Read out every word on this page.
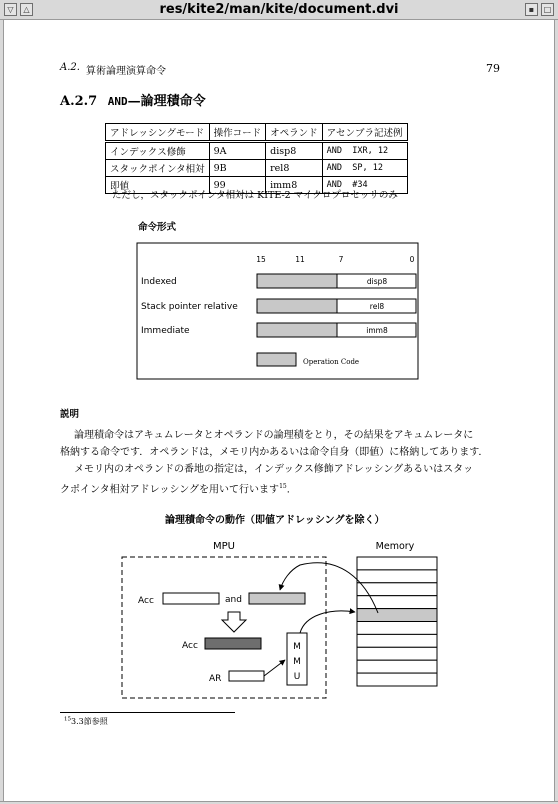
▽	△	res/kite2/man/kite/document.dvi	▪	□
A.2. 算術論理演算命令	79
A.2.7 AND—論理積命令
アドレッシングモード	操作コード	オペランド	アセンブラ記述例
インデックス修飾	9A	disp8	AND  IXR, 12
スタックポインタ相対	9B	rel8	AND  SP, 12
即値	99	imm8	AND  #34
ただし，スタックポインタ相対は KITE-2 マイクロプロセッサのみ
命令形式
15	11	7	0
Indexed	disp8
Stack pointer relative	rel8
Immediate	imm8
Operation Code
説明
論理積命令はアキュムレータとオペランドの論理積をとり，その結果をアキュムレータに
格納する命令です．オペランドは，メモリ内かあるいは命令自身（即値）に格納してあります．
メモリ内のオペランドの番地の指定は，インデックス修飾アドレッシングあるいはスタッ
クポインタ相対アドレッシングを用いて行います$^{15}$．
論理積命令の動作（即値アドレッシングを除く）
MPU	Memory
Acc	and
Acc	M
M
U
AR
$^{15}$3.3節参照
